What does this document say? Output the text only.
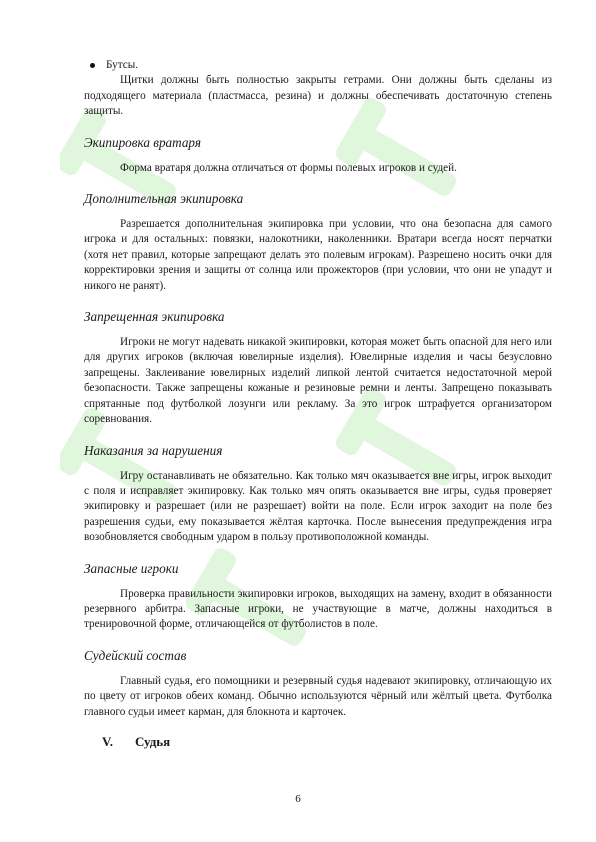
Бутсы.

Щитки должны быть полностью закрыты гетрами. Они должны быть сделаны из подходящего материала (пластмасса, резина) и должны обеспечивать достаточную степень защиты.

Экипировка вратаря

Форма вратаря должна отличаться от формы полевых игроков и судей.

Дополнительная экипировка

Разрешается дополнительная экипировка при условии, что она безопасна для самого игрока и для остальных: повязки, налокотники, наколенники. Вратари всегда носят перчатки (хотя нет правил, которые запрещают делать это полевым игрокам). Разрешено носить очки для корректировки зрения и защиты от солнца или прожекторов (при условии, что они не упадут и никого не ранят).

Запрещенная экипировка

Игроки не могут надевать никакой экипировки, которая может быть опасной для него или для других игроков (включая ювелирные изделия). Ювелирные изделия и часы безусловно запрещены. Заклеивание ювелирных изделий липкой лентой считается недостаточной мерой безопасности. Также запрещены кожаные и резиновые ремни и ленты. Запрещено показывать спрятанные под футболкой лозунги или рекламу. За это игрок штрафуется организатором соревнования.

Наказания за нарушения

Игру останавливать не обязательно. Как только мяч оказывается вне игры, игрок выходит с поля и исправляет экипировку. Как только мяч опять оказывается вне игры, судья проверяет экипировку и разрешает (или не разрешает) войти на поле. Если игрок заходит на поле без разрешения судьи, ему показывается жёлтая карточка. После вынесения предупреждения игра возобновляется свободным ударом в пользу противоположной команды.

Запасные игроки

Проверка правильности экипировки игроков, выходящих на замену, входит в обязанности резервного арбитра. Запасные игроки, не участвующие в матче, должны находиться в тренировочной форме, отличающейся от футболистов в поле.

Судейский состав

Главный судья, его помощники и резервный судья надевают экипировку, отличающую их по цвету от игроков обеих команд. Обычно используются чёрный или жёлтый цвета. Футболка главного судьи имеет карман, для блокнота и карточек.

V. Судья
6
